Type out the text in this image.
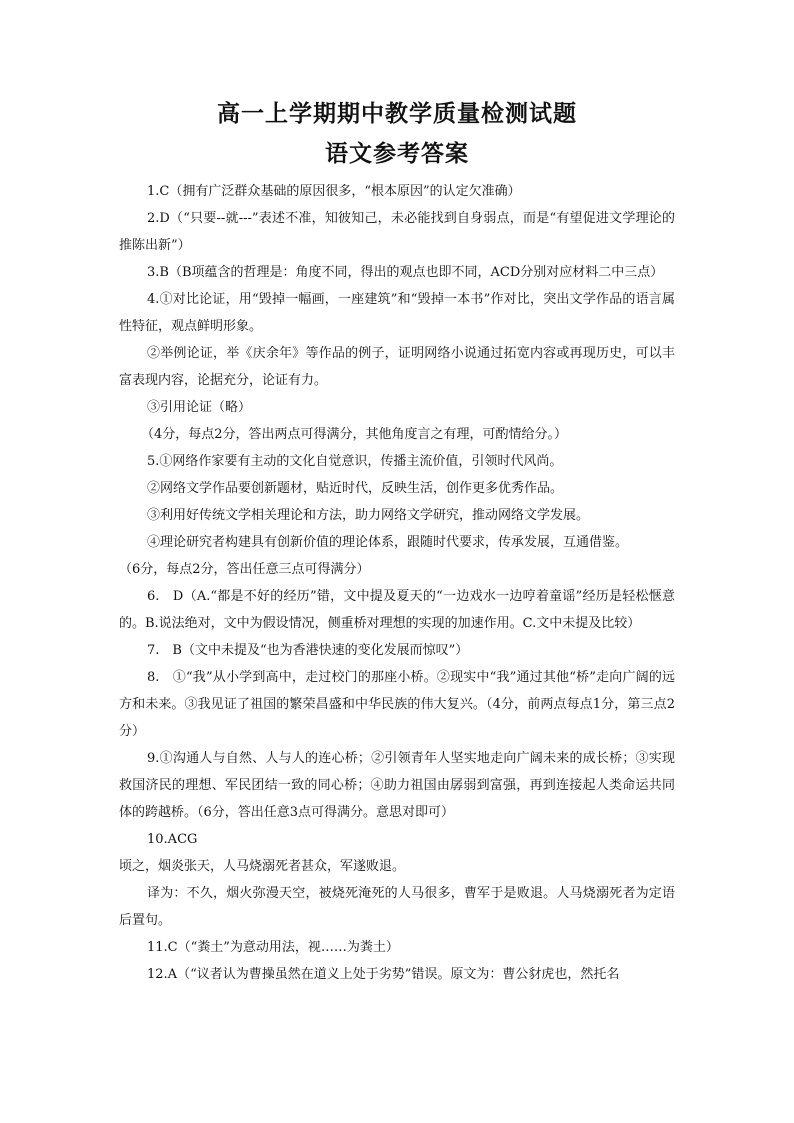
高一上学期期中教学质量检测试题
语文参考答案

1.C（拥有广泛群众基础的原因很多，“根本原因”的认定欠准确）

2.D（“只要--就---”表述不准，知彼知己，未必能找到自身弱点，而是“有望促进文学理论的推陈出新”）

3.B（B项蕴含的哲理是：角度不同，得出的观点也即不同，ACD分别对应材料二中三点）

4.①对比论证，用“毁掉一幅画，一座建筑”和“毁掉一本书”作对比，突出文学作品的语言属性特征，观点鲜明形象。

②举例论证，举《庆余年》等作品的例子，证明网络小说通过拓宽内容或再现历史，可以丰富表现内容，论据充分，论证有力。

③引用论证（略）

（4分，每点2分，答出两点可得满分，其他角度言之有理，可酌情给分。）

5.①网络作家要有主动的文化自觉意识，传播主流价值，引领时代风尚。

②网络文学作品要创新题材，贴近时代，反映生活，创作更多优秀作品。

③利用好传统文学相关理论和方法，助力网络文学研究，推动网络文学发展。

④理论研究者构建具有创新价值的理论体系，跟随时代要求，传承发展，互通借鉴。

（6分，每点2分，答出任意三点可得满分）

6.　D（A.“都是不好的经历”错，文中提及夏天的“一边戏水一边哼着童谣”经历是轻松惬意的。B.说法绝对，文中为假设情况，侧重桥对理想的实现的加速作用。C.文中未提及比较）

7.　B（文中未提及“也为香港快速的变化发展而惊叹”）

8.　①“我”从小学到高中，走过校门的那座小桥。②现实中“我”通过其他“桥”走向广阔的远方和未来。③我见证了祖国的繁荣昌盛和中华民族的伟大复兴。（4分，前两点每点1分，第三点2分）

9.①沟通人与自然、人与人的连心桥；②引领青年人坚实地走向广阔未来的成长桥；③实现救国济民的理想、军民团结一致的同心桥；④助力祖国由孱弱到富强，再到连接起人类命运共同体的跨越桥。（6分，答出任意3点可得满分。意思对即可）

10.ACG

顷之，烟炎张天，人马烧溺死者甚众，军遂败退。

译为：不久，烟火弥漫天空，被烧死淹死的人马很多，曹军于是败退。人马烧溺死者为定语后置句。

11.C（“粪土”为意动用法，视……为粪土）

12.A（“议者认为曹操虽然在道义上处于劣势”错误。原文为：曹公豺虎也，然托名
